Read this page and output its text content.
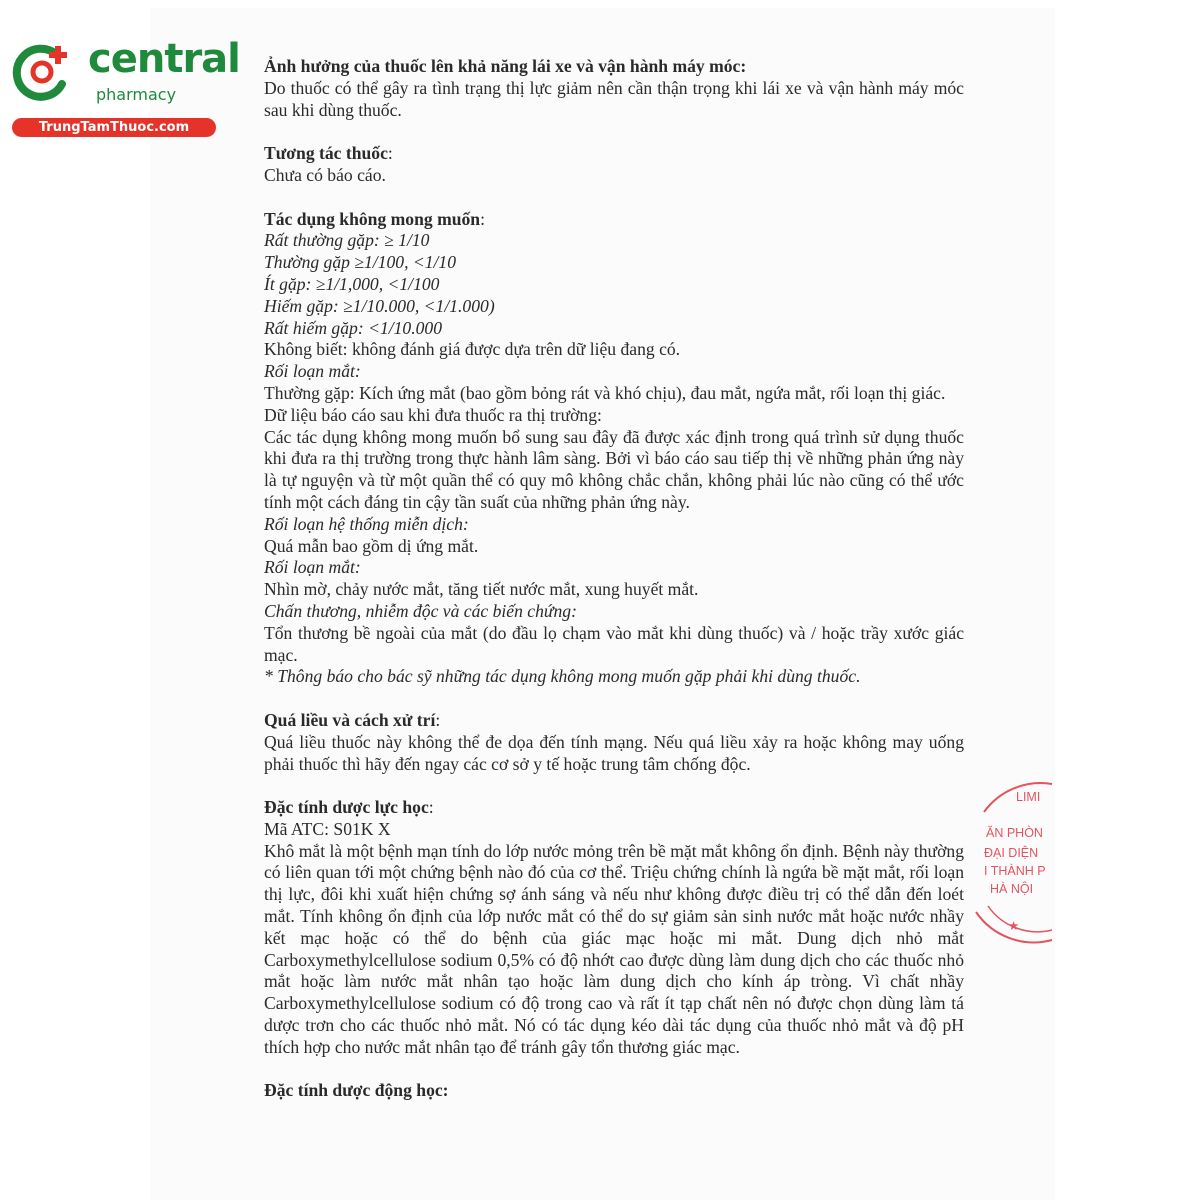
central
pharmacy
TrungTamThuoc.com

Ảnh hưởng của thuốc lên khả năng lái xe và vận hành máy móc:

Do thuốc có thể gây ra tình trạng thị lực giảm nên cần thận trọng khi lái xe và vận hành máy móc sau khi dùng thuốc.

Tương tác thuốc:

Chưa có báo cáo.

Tác dụng không mong muốn:

Rất thường gặp: ≥ 1/10

Thường gặp ≥1/100, <1/10

Ít gặp: ≥1/1,000, <1/100

Hiếm gặp: ≥1/10.000, <1/1.000)

Rất hiếm gặp: <1/10.000

Không biết: không đánh giá được dựa trên dữ liệu đang có.

Rối loạn mắt:

Thường gặp: Kích ứng mắt (bao gồm bỏng rát và khó chịu), đau mắt, ngứa mắt, rối loạn thị giác.

Dữ liệu báo cáo sau khi đưa thuốc ra thị trường:

Các tác dụng không mong muốn bổ sung sau đây đã được xác định trong quá trình sử dụng thuốc khi đưa ra thị trường trong thực hành lâm sàng. Bởi vì báo cáo sau tiếp thị về những phản ứng này là tự nguyện và từ một quần thể có quy mô không chắc chắn, không phải lúc nào cũng có thể ước tính một cách đáng tin cậy tần suất của những phản ứng này.

Rối loạn hệ thống miễn dịch:

Quá mẫn bao gồm dị ứng mắt.

Rối loạn mắt:

Nhìn mờ, chảy nước mắt, tăng tiết nước mắt, xung huyết mắt.

Chấn thương, nhiễm độc và các biến chứng:

Tổn thương bề ngoài của mắt (do đầu lọ chạm vào mắt khi dùng thuốc) và / hoặc trầy xước giác mạc.

* Thông báo cho bác sỹ những tác dụng không mong muốn gặp phải khi dùng thuốc.

Quá liều và cách xử trí:

Quá liều thuốc này không thể đe dọa đến tính mạng. Nếu quá liều xảy ra hoặc không may uống phải thuốc thì hãy đến ngay các cơ sở y tế hoặc trung tâm chống độc.

Đặc tính dược lực học:

Mã ATC: S01K X

Khô mắt là một bệnh mạn tính do lớp nước mỏng trên bề mặt mắt không ổn định. Bệnh này thường có liên quan tới một chứng bệnh nào đó của cơ thể. Triệu chứng chính là ngứa bề mặt mắt, rối loạn thị lực, đôi khi xuất hiện chứng sợ ánh sáng và nếu như không được điều trị có thể dẫn đến loét mắt. Tính không ổn định của lớp nước mắt có thể do sự giảm sản sinh nước mắt hoặc nước nhầy kết mạc hoặc có thể do bệnh của giác mạc hoặc mi mắt. Dung dịch nhỏ mắt Carboxymethylcellulose sodium 0,5% có độ nhớt cao được dùng làm dung dịch cho các thuốc nhỏ mắt hoặc làm nước mắt nhân tạo hoặc làm dung dịch cho kính áp tròng. Vì chất nhầy Carboxymethylcellulose sodium có độ trong cao và rất ít tạp chất nên nó được chọn dùng làm tá dược trơn cho các thuốc nhỏ mắt. Nó có tác dụng kéo dài tác dụng của thuốc nhỏ mắt và độ pH thích hợp cho nước mắt nhân tạo để tránh gây tổn thương giác mạc.

Đặc tính dược động học:

LIMI
ĂN PHÒN
ĐẠI DIỆN
I THÀNH P
HÀ NỘI
★
